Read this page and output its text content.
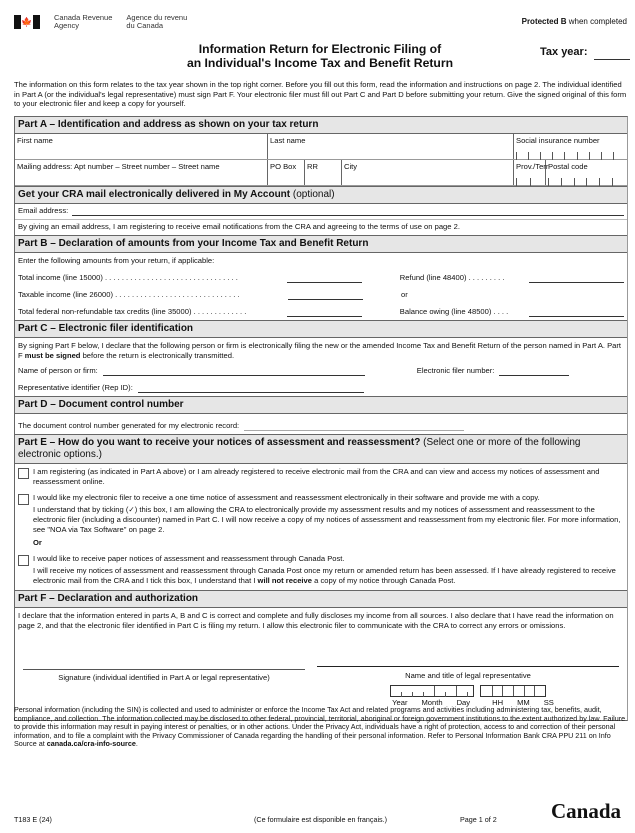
🍁	Canada Revenue
Agency
Agence du revenu
du Canada	Protected B when completed
Information Return for Electronic Filing of
an Individual's Income Tax and Benefit Return
Tax year:
The information on this form relates to the tax year shown in the top right corner. Before you fill out this form, read the information and instructions on page 2. The individual identified in Part A (or the individual's legal representative) must sign Part F. Your electronic filer must fill out Part C and Part D before submitting your return. Give the signed original of this form to your electronic filer and keep a copy for yourself.
Part A – Identification and address as shown on your tax return
First name	Last name	Social insurance number
Mailing address: Apt number – Street number – Street name	PO Box	RR	City	Prov./Terr Postal code
Get your CRA mail electronically delivered in My Account (optional)
Email address:
By giving an email address, I am registering to receive email notifications from the CRA and agreeing to the terms of use on page 2.
Part B – Declaration of amounts from your Income Tax and Benefit Return
Enter the following amounts from your return, if applicable:
Total income (line 15000) . . . . . . . . . . . . . . . . . . . . . . . . . . . . . . . .	Refund (line 48400) . . . . . . . . .
Taxable income (line 26000) . . . . . . . . . . . . . . . . . . . . . . . . . . . . . .	or
Total federal non-refundable tax credits (line 35000) . . . . . . . . . . . . .	Balance owing (line 48500) . . . .
Part C – Electronic filer identification
By signing Part F below, I declare that the following person or firm is electronically filing the new or the amended Income Tax and Benefit Return of the person named in Part A. Part F must be signed before the return is electronically transmitted.
Name of person or firm:	Electronic filer number:
Representative identifier (Rep ID):
Part D – Document control number
The document control number generated for my electronic record:
Part E – How do you want to receive your notices of assessment and reassessment? (Select one or more of the following electronic options.)
I am registering (as indicated in Part A above) or I am already registered to receive electronic mail from the CRA and can view and access my notices of assessment and reassessment online.
I would like my electronic filer to receive a one time notice of assessment and reassessment electronically in their software and provide me with a copy.
I understand that by ticking (✓) this box, I am allowing the CRA to electronically provide my assessment results and my notices of assessment and reassessment to the electronic filer (including a discounter) named in Part C. I will now receive a copy of my notices of assessment and reassessment from my electronic filer. For more information, see "NOA via Tax Software" on page 2.
Or
I would like to receive paper notices of assessment and reassessment through Canada Post.
I will receive my notices of assessment and reassessment through Canada Post once my return or amended return has been assessed. If I have already registered to receive electronic mail from the CRA and I tick this box, I understand that I will not receive a copy of my notice through Canada Post.
Part F – Declaration and authorization
I declare that the information entered in parts A, B and C is correct and complete and fully discloses my income from all sources. I also declare that I have read the information on page 2, and that the electronic filer identified in Part C is filing my return. I allow this electronic filer to communicate with the CRA to correct any errors or omissions.
Signature (individual identified in Part A or legal representative)	Name and title of legal representative
Year Month Day	HH MM SS
Personal information (including the SIN) is collected and used to administer or enforce the Income Tax Act and related programs and activities including administering tax, benefits, audit, compliance, and collection. The information collected may be disclosed to other federal, provincial, territorial, aboriginal or foreign government institutions to the extent authorized by law. Failure to provide this information may result in paying interest or penalties, or in other actions. Under the Privacy Act, individuals have a right of protection, access to and correction of their personal information, and to file a complaint with the Privacy Commissioner of Canada regarding the handling of their personal information. Refer to Personal Information Bank CRA PPU 211 on Info Source at canada.ca/cra-info-source.
T183 E (24)	(Ce formulaire est disponible en français.)	Page 1 of 2	Canada
